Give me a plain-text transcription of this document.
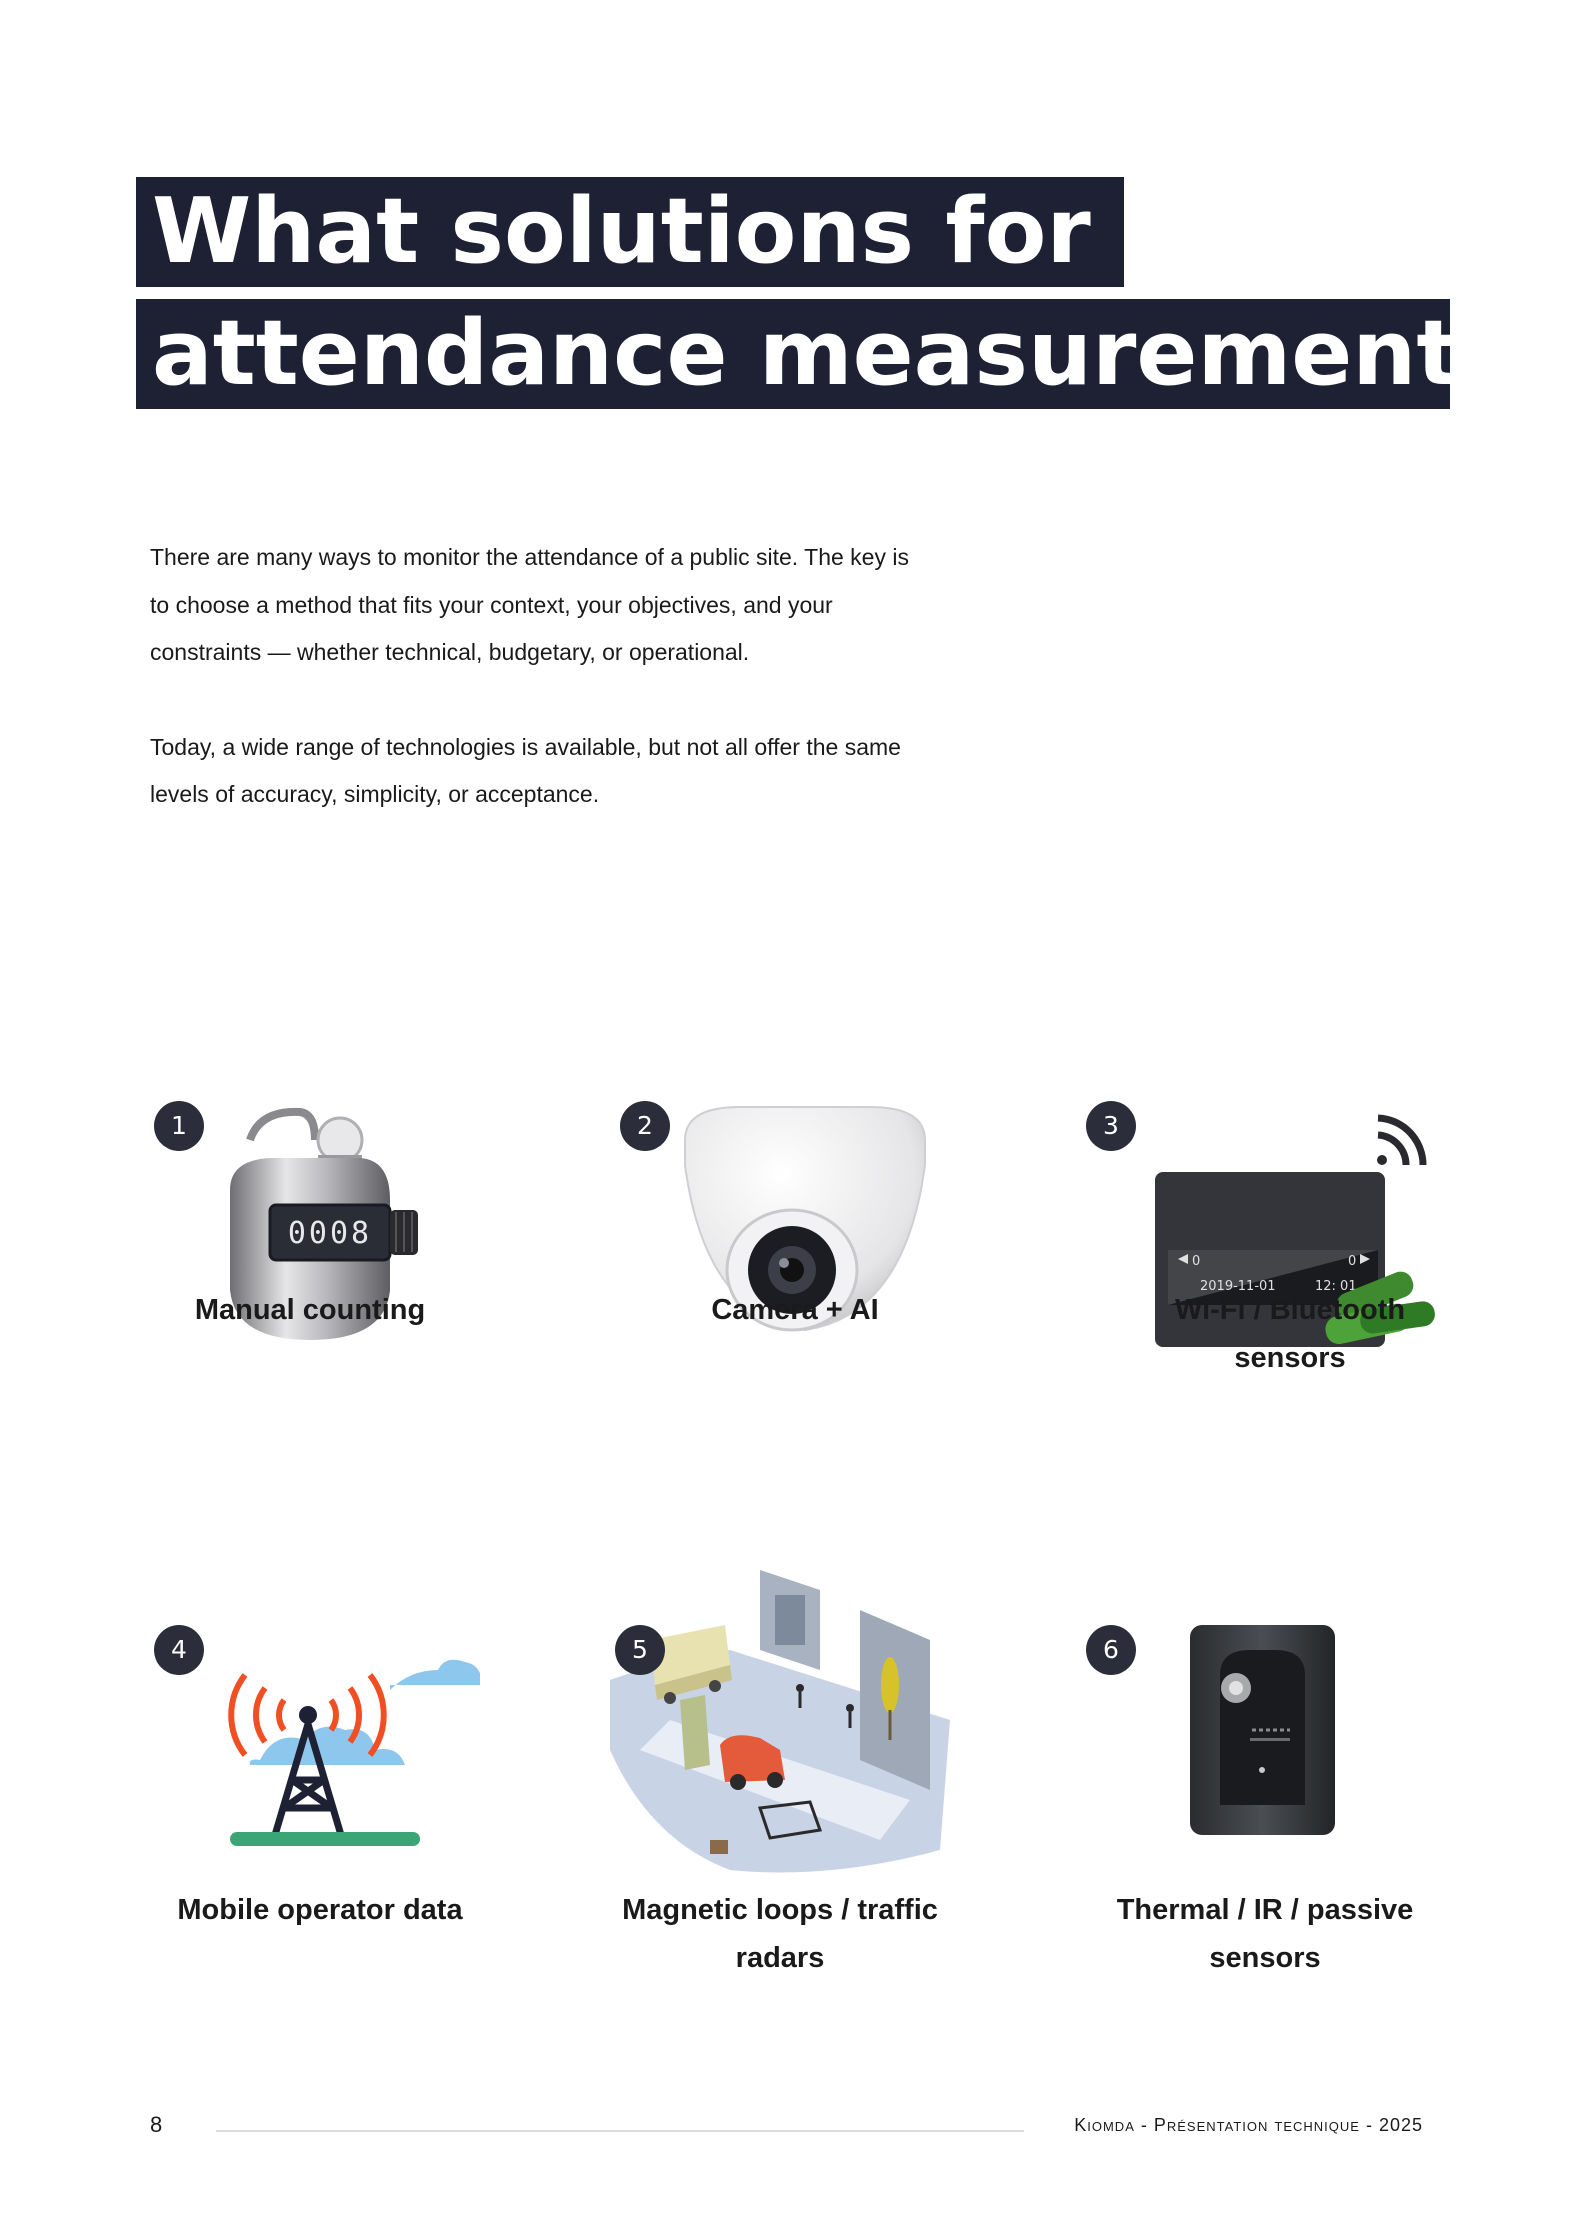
What solutions for
attendance measurement?

There are many ways to monitor the attendance of a public site. The key is to choose a method that fits your context, your objectives, and your constraints — whether technical, budgetary, or operational.

Today, a wide range of technologies is available, but not all offer the same levels of accuracy, simplicity, or acceptance.

1
0008
Manual counting
2
Camera + AI
3
0	0
2019-11-01	12: 01
Wi-Fi / Bluetooth sensors
4
Mobile operator data
5
Magnetic loops / traffic radars
6
Thermal / IR / passive sensors
8	Kiomda - Présentation technique - 2025
